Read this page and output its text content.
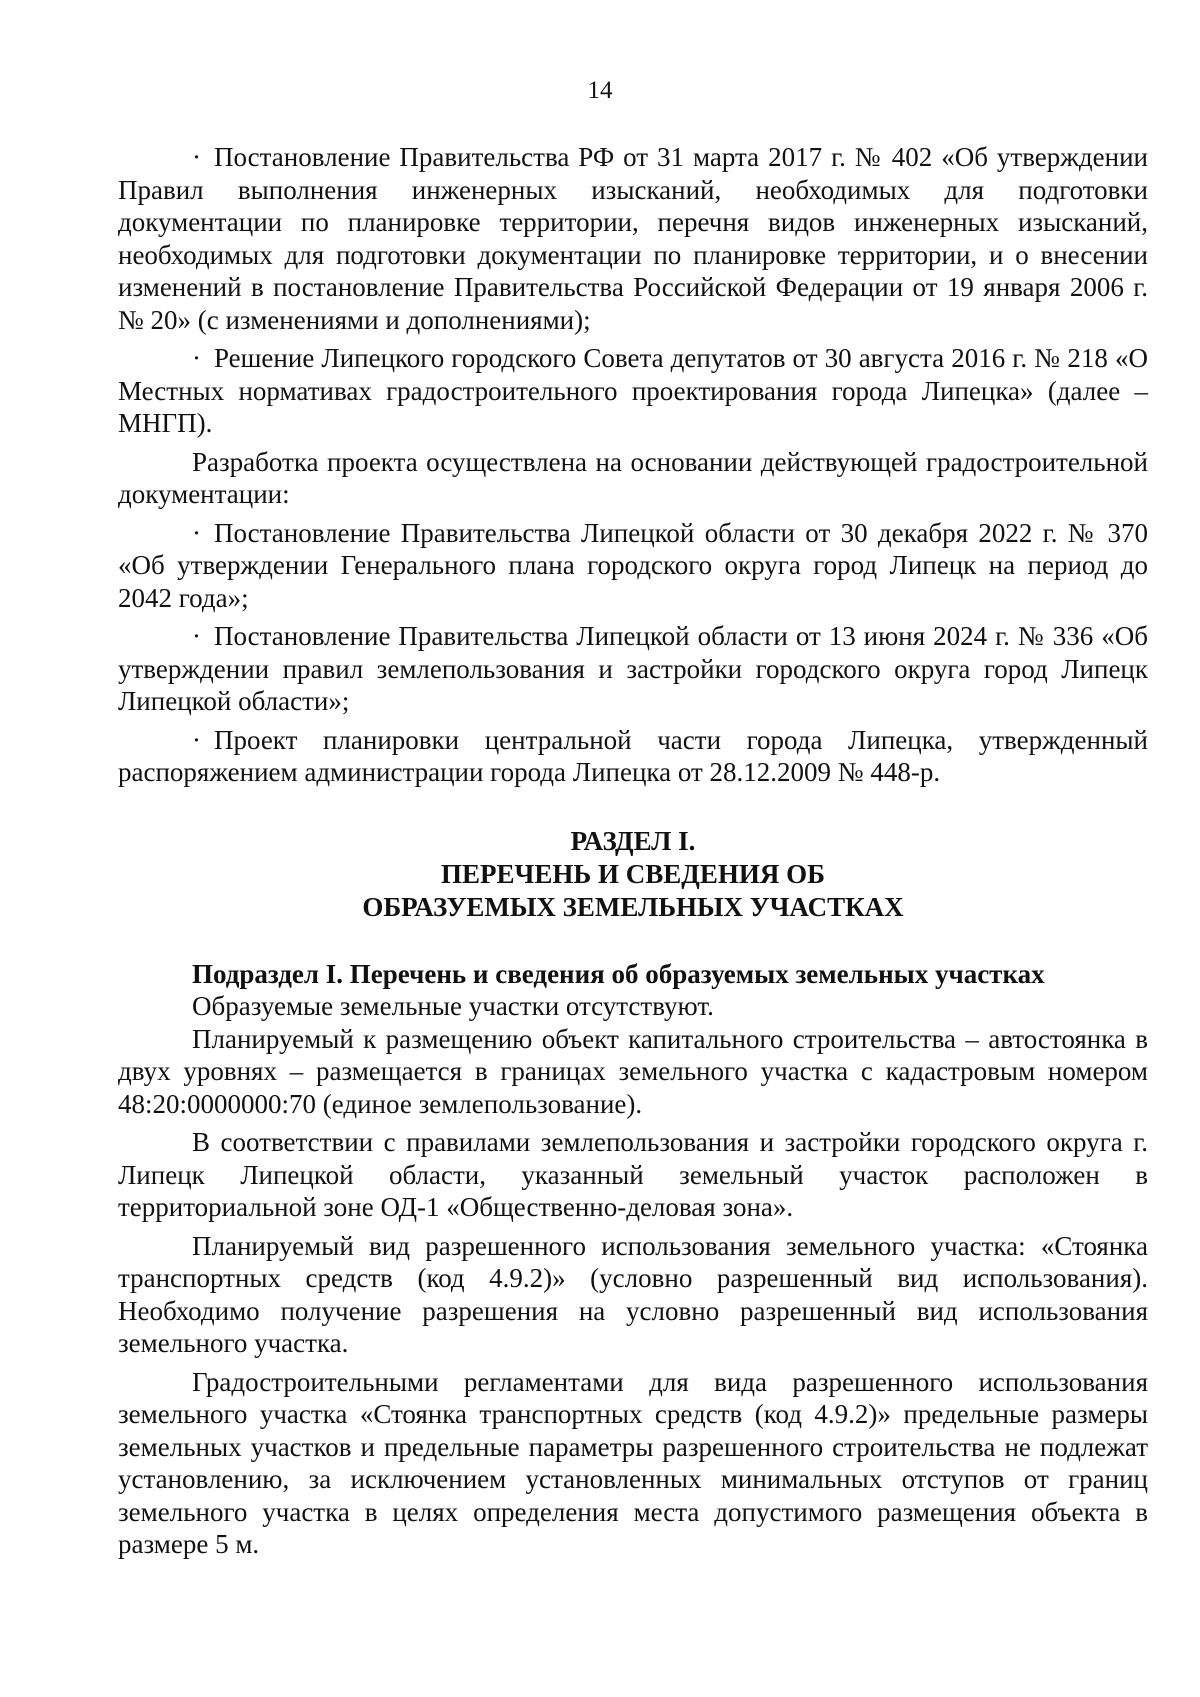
14

· Постановление Правительства РФ от 31 марта 2017 г. № 402 «Об утверждении Правил выполнения инженерных изысканий, необходимых для подготовки документации по планировке территории, перечня видов инженерных изысканий, необходимых для подготовки документации по планировке территории, и о внесении изменений в постановление Правительства Российской Федерации от 19 января 2006 г. № 20» (с изменениями и дополнениями);

· Решение Липецкого городского Совета депутатов от 30 августа 2016 г. № 218 «О Местных нормативах градостроительного проектирования города Липецка» (далее – МНГП).

Разработка проекта осуществлена на основании действующей градостроительной документации:

· Постановление Правительства Липецкой области от 30 декабря 2022 г. № 370 «Об утверждении Генерального плана городского округа город Липецк на период до 2042 года»;

· Постановление Правительства Липецкой области от 13 июня 2024 г. № 336 «Об утверждении правил землепользования и застройки городского округа город Липецк Липецкой области»;

· Проект планировки центральной части города Липецка, утвержденный распоряжением администрации города Липецка от 28.12.2009 № 448-р.

РАЗДЕЛ I.
ПЕРЕЧЕНЬ И СВЕДЕНИЯ ОБ
ОБРАЗУЕМЫХ ЗЕМЕЛЬНЫХ УЧАСТКАХ

Подраздел I. Перечень и сведения об образуемых земельных участках

Образуемые земельные участки отсутствуют.

Планируемый к размещению объект капитального строительства – автостоянка в двух уровнях – размещается в границах земельного участка с кадастровым номером 48:20:0000000:70 (единое землепользование).

В соответствии с правилами землепользования и застройки городского округа г. Липецк Липецкой области, указанный земельный участок расположен в территориальной зоне ОД-1 «Общественно-деловая зона».

Планируемый вид разрешенного использования земельного участка: «Стоянка транспортных средств (код 4.9.2)» (условно разрешенный вид использования). Необходимо получение разрешения на условно разрешенный вид использования земельного участка.

Градостроительными регламентами для вида разрешенного использования земельного участка «Стоянка транспортных средств (код 4.9.2)» предельные размеры земельных участков и предельные параметры разрешенного строительства не подлежат установлению, за исключением установленных минимальных отступов от границ земельного участка в целях определения места допустимого размещения объекта в размере 5 м.
